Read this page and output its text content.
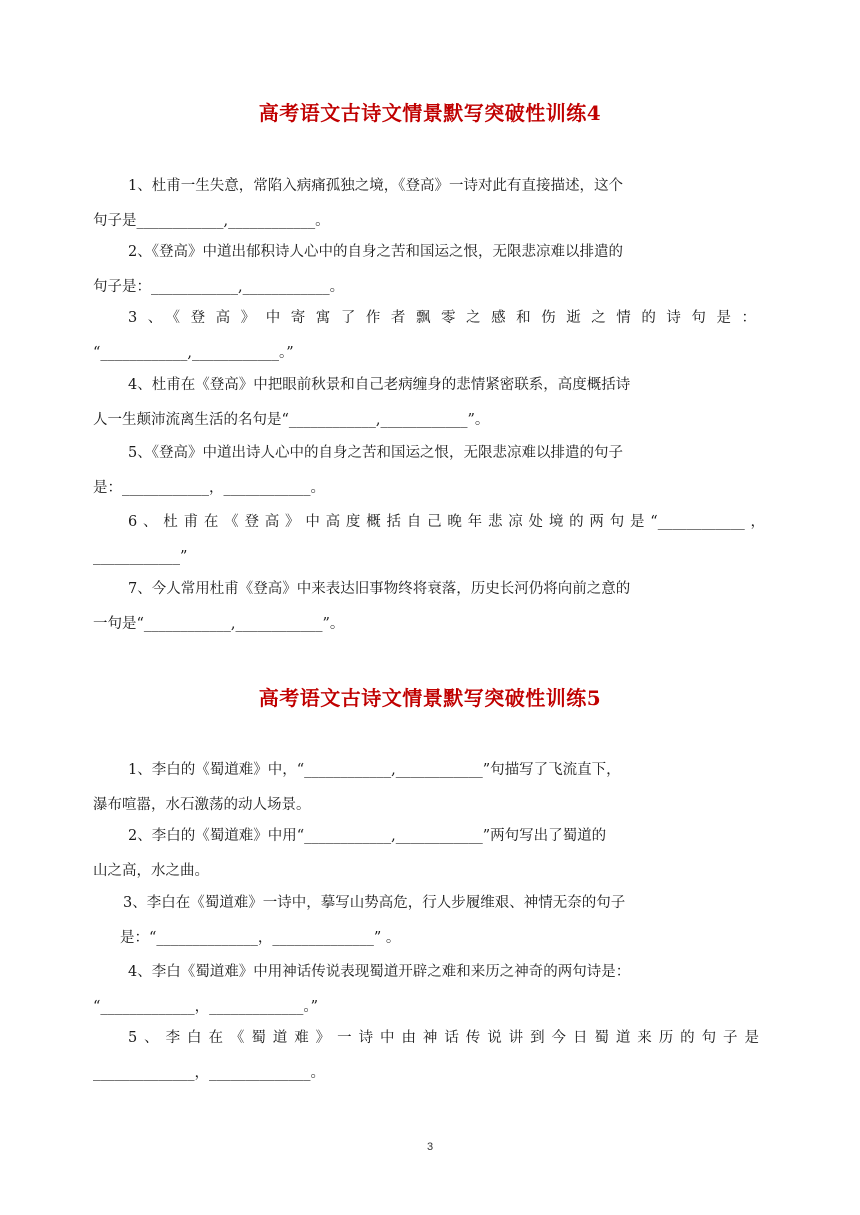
高考语文古诗文情景默写突破性训练4

1、杜甫一生失意，常陷入病痛孤独之境，《登高》一诗对此有直接描述，这个
句子是____________,____________。

2、《登高》中道出郁积诗人心中的自身之苦和国运之恨，无限悲凉难以排遣的
句子是：____________,____________。

3、《登高》中寄寓了作者飘零之感和伤逝之情的诗句是：
“____________,____________。”

4、杜甫在《登高》中把眼前秋景和自己老病缠身的悲情紧密联系，高度概括诗
人一生颠沛流离生活的名句是“____________,____________”。

5、《登高》中道出诗人心中的自身之苦和国运之恨，无限悲凉难以排遣的句子
是：____________，____________。

6、杜甫在《登高》中高度概括自己晚年悲凉处境的两句是“____________，
____________”

7、今人常用杜甫《登高》中来表达旧事物终将衰落，历史长河仍将向前之意的
一句是“____________,____________”。

高考语文古诗文情景默写突破性训练5

1、李白的《蜀道难》中，“____________,____________”句描写了飞流直下，
瀑布喧嚣，水石激荡的动人场景。

2、李白的《蜀道难》中用“____________,____________”两句写出了蜀道的
山之高，水之曲。

3、李白在《蜀道难》一诗中，摹写山势高危，行人步履维艰、神情无奈的句子
是：“______________，______________” 。

4、李白《蜀道难》中用神话传说表现蜀道开辟之难和来历之神奇的两句诗是：
“_____________，_____________。”

5、李白在《蜀道难》一诗中由神话传说讲到今日蜀道来历的句子是
______________，______________。

3
